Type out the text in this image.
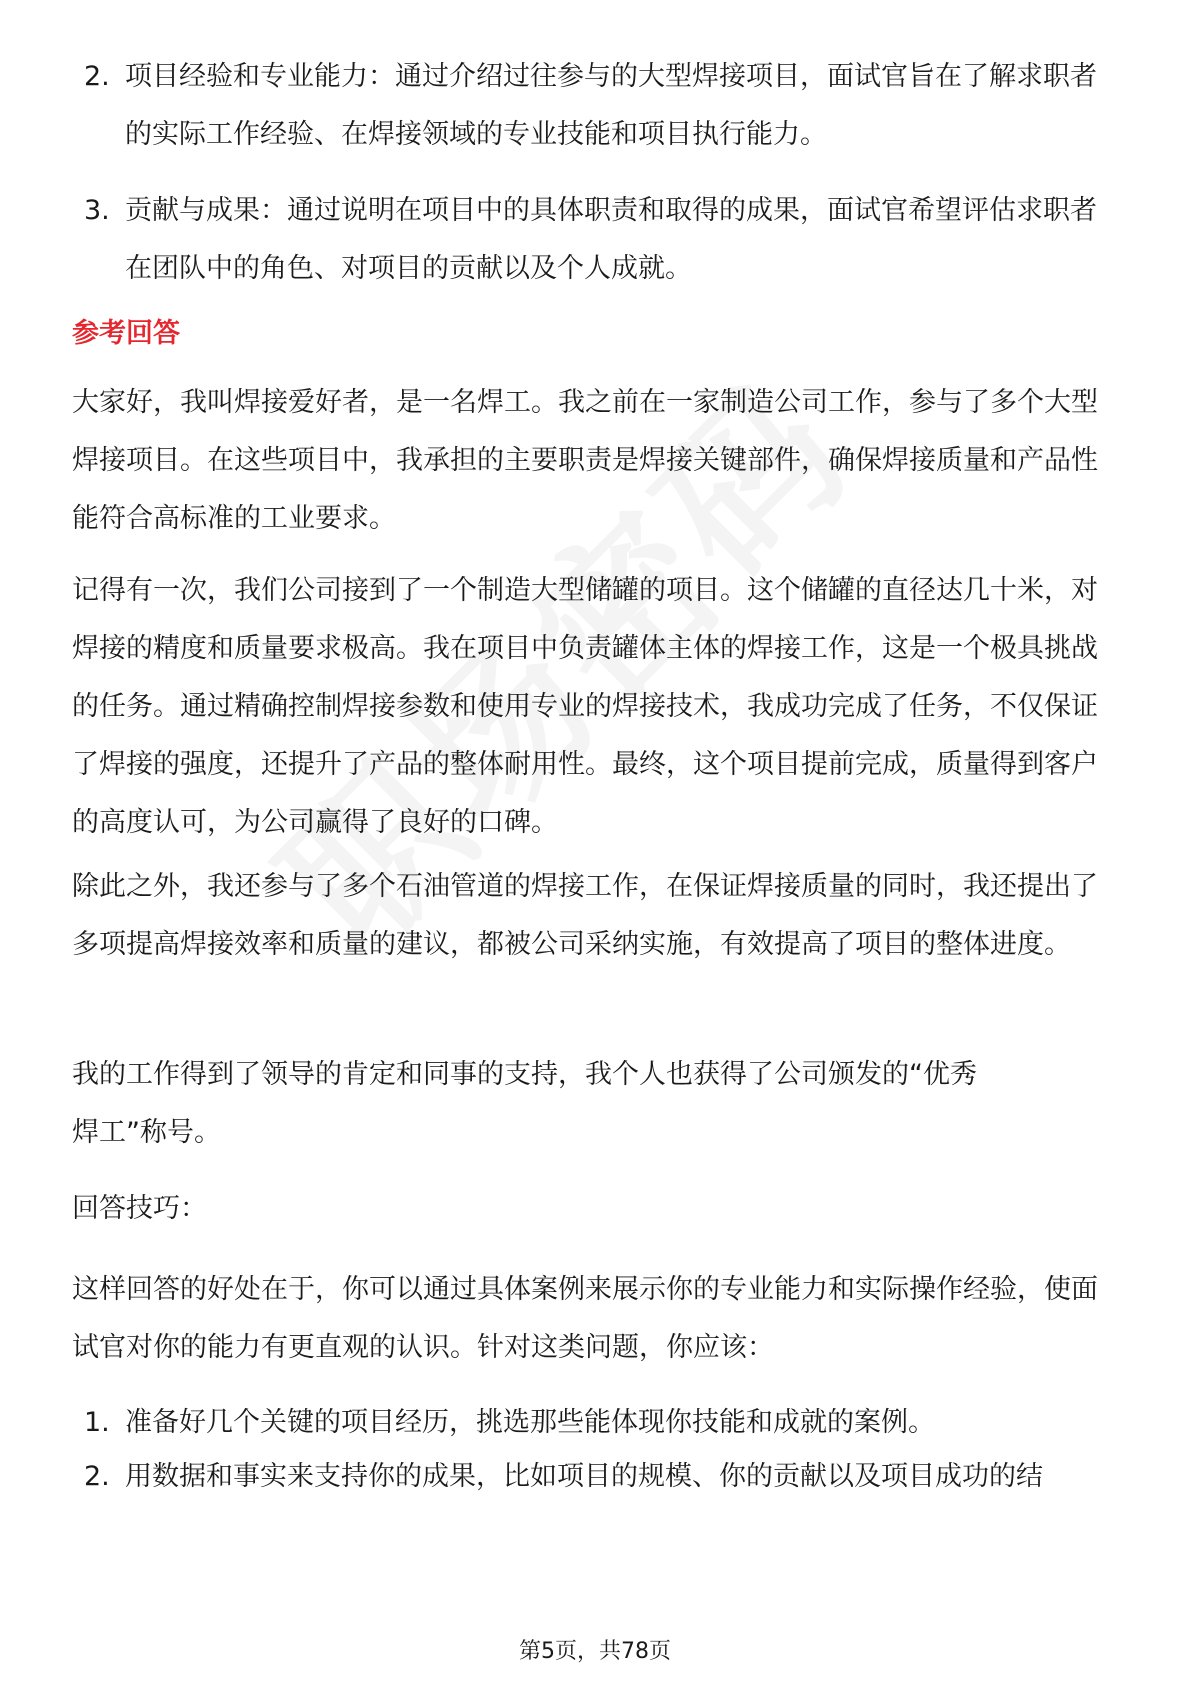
2. 项目经验和专业能力：通过介绍过往参与的大型焊接项目，面试官旨在了解求职者的实际工作经验、在焊接领域的专业技能和项目执行能力。
3. 贡献与成果：通过说明在项目中的具体职责和取得的成果，面试官希望评估求职者在团队中的角色、对项目的贡献以及个人成就。
参考回答
大家好，我叫焊接爱好者，是一名焊工。我之前在一家制造公司工作，参与了多个大型焊接项目。在这些项目中，我承担的主要职责是焊接关键部件，确保焊接质量和产品性能符合高标准的工业要求。
记得有一次，我们公司接到了一个制造大型储罐的项目。这个储罐的直径达几十米，对焊接的精度和质量要求极高。我在项目中负责罐体主体的焊接工作，这是一个极具挑战的任务。通过精确控制焊接参数和使用专业的焊接技术，我成功完成了任务，不仅保证了焊接的强度，还提升了产品的整体耐用性。最终，这个项目提前完成，质量得到客户的高度认可，为公司赢得了良好的口碑。
除此之外，我还参与了多个石油管道的焊接工作，在保证焊接质量的同时，我还提出了多项提高焊接效率和质量的建议，都被公司采纳实施，有效提高了项目的整体进度。
我的工作得到了领导的肯定和同事的支持，我个人也获得了公司颁发的“优秀焊工”称号。
回答技巧：
这样回答的好处在于，你可以通过具体案例来展示你的专业能力和实际操作经验，使面试官对你的能力有更直观的认识。针对这类问题，你应该：
1. 准备好几个关键的项目经历，挑选那些能体现你技能和成就的案例。
2. 用数据和事实来支持你的成果，比如项目的规模、你的贡献以及项目成功的结
第5页，共78页
